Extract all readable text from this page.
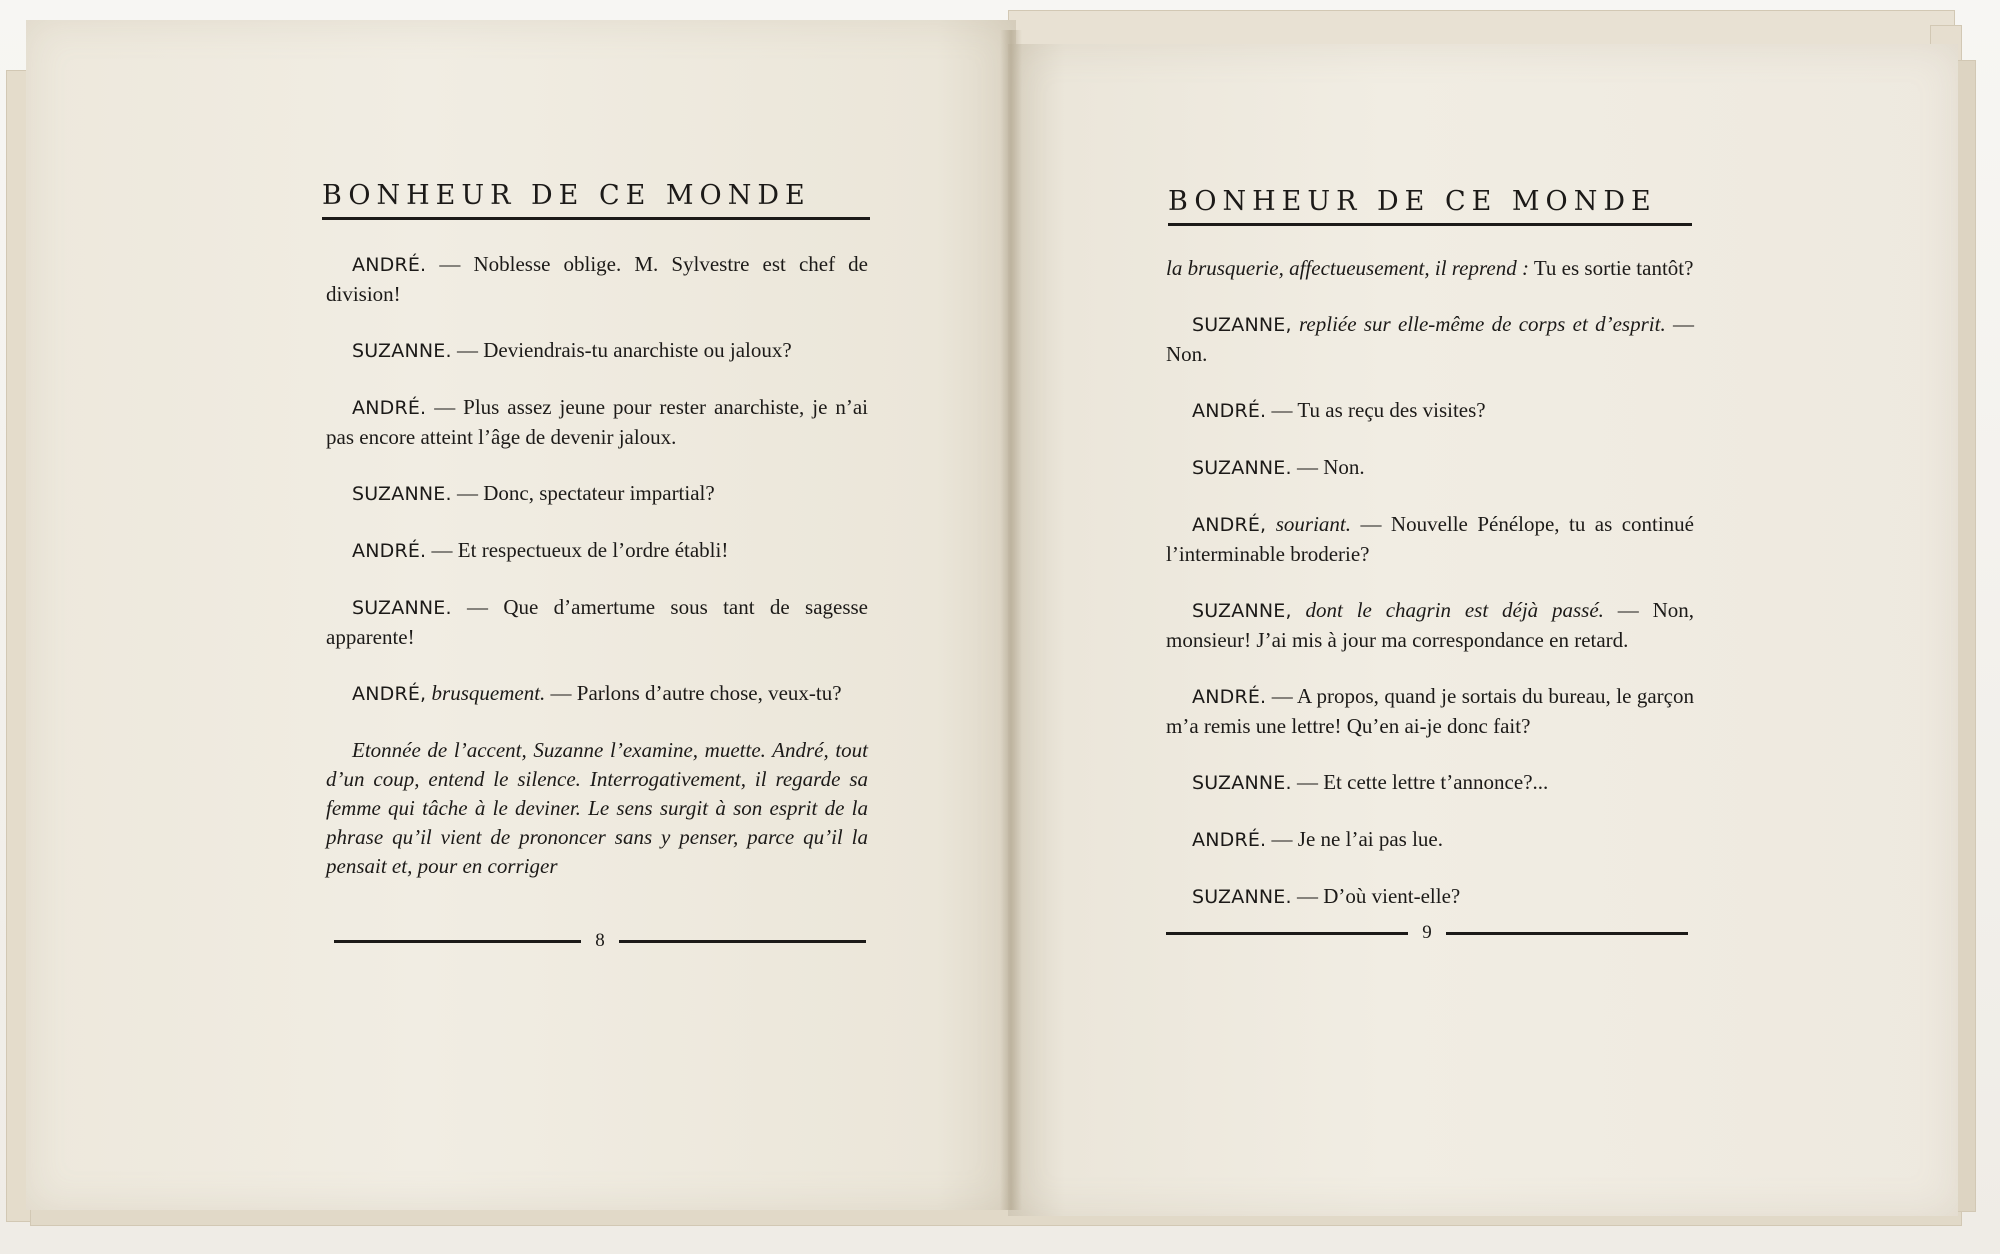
BONHEUR DE CE MONDE

ANDRÉ. — Noblesse oblige. M. Sylvestre est chef de division!

SUZANNE. — Deviendrais-tu anarchiste ou jaloux?

ANDRÉ. — Plus assez jeune pour rester anarchiste, je n’ai pas encore atteint l’âge de devenir jaloux.

SUZANNE. — Donc, spectateur impartial?

ANDRÉ. — Et respectueux de l’ordre établi!

SUZANNE. — Que d’amertume sous tant de sagesse apparente!

ANDRÉ, brusquement. — Parlons d’autre chose, veux-tu?

Etonnée de l’accent, Suzanne l’examine, muette. André, tout d’un coup, entend le silence. Interrogativement, il regarde sa femme qui tâche à le deviner. Le sens surgit à son esprit de la phrase qu’il vient de prononcer sans y penser, parce qu’il la pensait et, pour en corriger

8
BONHEUR DE CE MONDE

la brusquerie, affectueusement, il reprend : Tu es sortie tantôt?

SUZANNE, repliée sur elle-même de corps et d’esprit. — Non.

ANDRÉ. — Tu as reçu des visites?

SUZANNE. — Non.

ANDRÉ, souriant. — Nouvelle Pénélope, tu as continué l’interminable broderie?

SUZANNE, dont le chagrin est déjà passé. — Non, monsieur! J’ai mis à jour ma correspondance en retard.

ANDRÉ. — A propos, quand je sortais du bureau, le garçon m’a remis une lettre! Qu’en ai-je donc fait?

SUZANNE. — Et cette lettre t’annonce?...

ANDRÉ. — Je ne l’ai pas lue.

SUZANNE. — D’où vient-elle?

9
